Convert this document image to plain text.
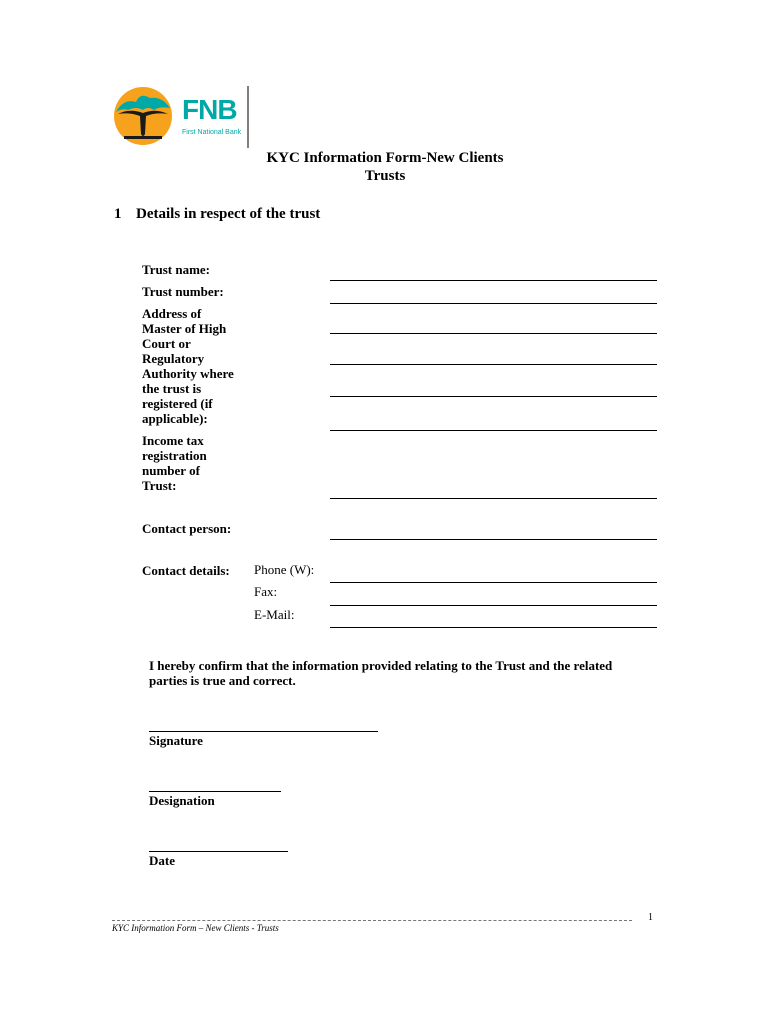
FNB
First National Bank
KYC Information Form-New Clients
Trusts
1 Details in respect of the trust
Trust name:
Trust number:
Address of
Master of High
Court or
Regulatory
Authority where
the trust is
registered (if
applicable):
Income tax
registration
number of
Trust:
Contact person:
Contact details: Phone (W):
Fax:
E-Mail:
I hereby confirm that the information provided relating to the Trust and the related
parties is true and correct.
Signature
Designation
Date
1
KYC Information Form – New Clients - Trusts
